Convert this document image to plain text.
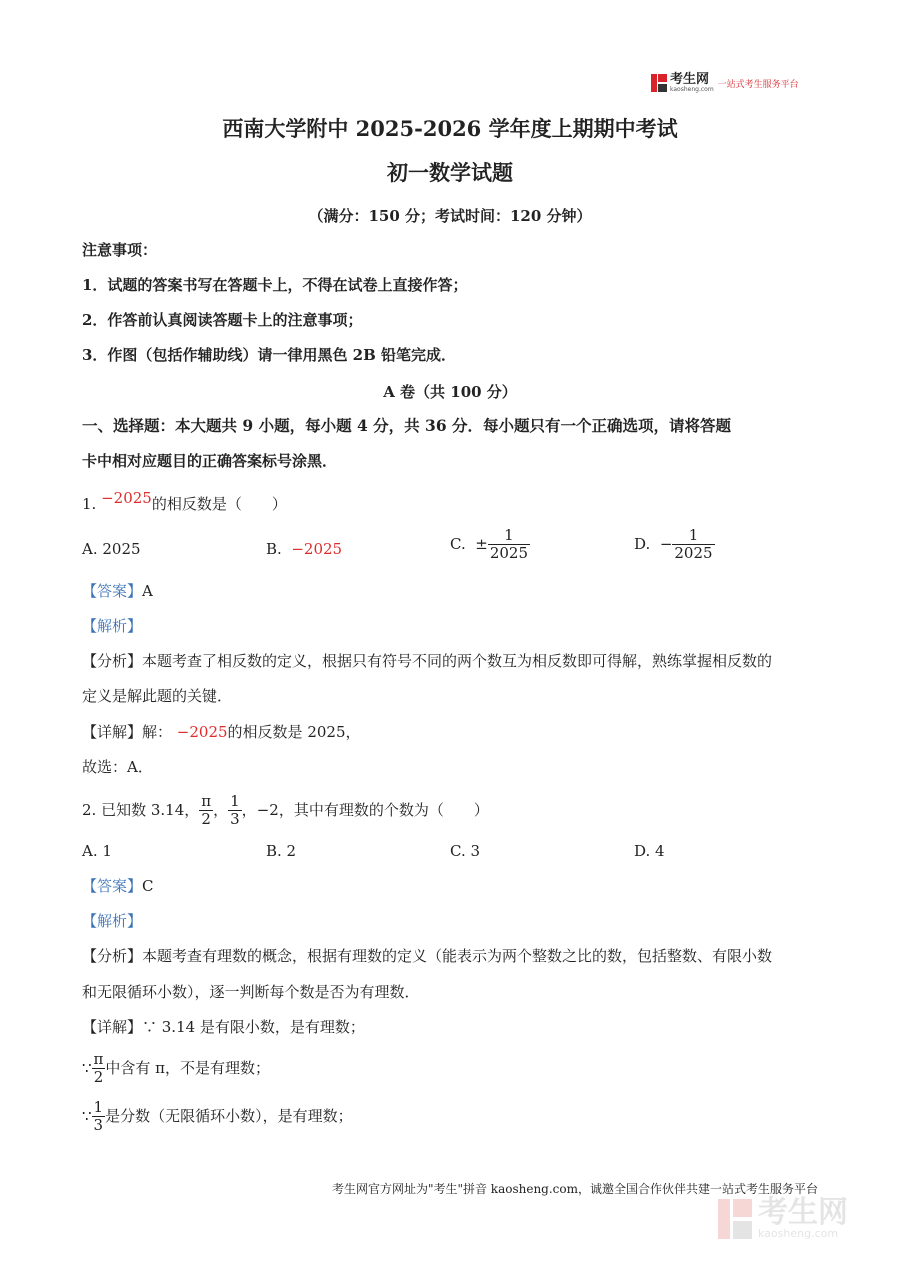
考生网
kaosheng.com 一站式考生服务平台
西南大学附中 2025-2026 学年度上期期中考试
初一数学试题
（满分：150 分；考试时间：120 分钟）
注意事项：
1．试题的答案书写在答题卡上，不得在试卷上直接作答；
2．作答前认真阅读答题卡上的注意事项；
3．作图（包括作辅助线）请一律用黑色 2B 铅笔完成．
A 卷（共 100 分）
一、选择题：本大题共 9 小题，每小题 4 分，共 36 分．每小题只有一个正确选项，请将答题
卡中相对应题目的正确答案标号涂黑．
1. −2025的相反数是（　　）
A. 2025	B. −2025	C.
± $\frac{1}{2025}$	D.
− $\frac{1}{2025}$
【答案】A
【解析】
【分析】本题考查了相反数的定义，根据只有符号不同的两个数互为相反数即可得解，熟练掌握相反数的
定义是解此题的关键．
【详解】解： −2025的相反数是 2025，
故选：A．
2. 已知数 3.14， $\frac{\pi}{2}$ ， $\frac{1}{3}$ ， −2 ，其中有理数的个数为（　　）
A. 1	B. 2	C. 3	D. 4
【答案】C
【解析】
【分析】本题考查有理数的概念，根据有理数的定义（能表示为两个整数之比的数，包括整数、有限小数
和无限循环小数），逐一判断每个数是否为有理数．
【详解】∵ 3.14 是有限小数，是有理数；
∵ $\frac{\pi}{2}$ 中含有 π，不是有理数；
∵ $\frac{1}{3}$ 是分数（无限循环小数），是有理数；
考生网官方网址为"考生"拼音 kaosheng.com，诚邀全国合作伙伴共建一站式考生服务平台
考生网
kaosheng.com
